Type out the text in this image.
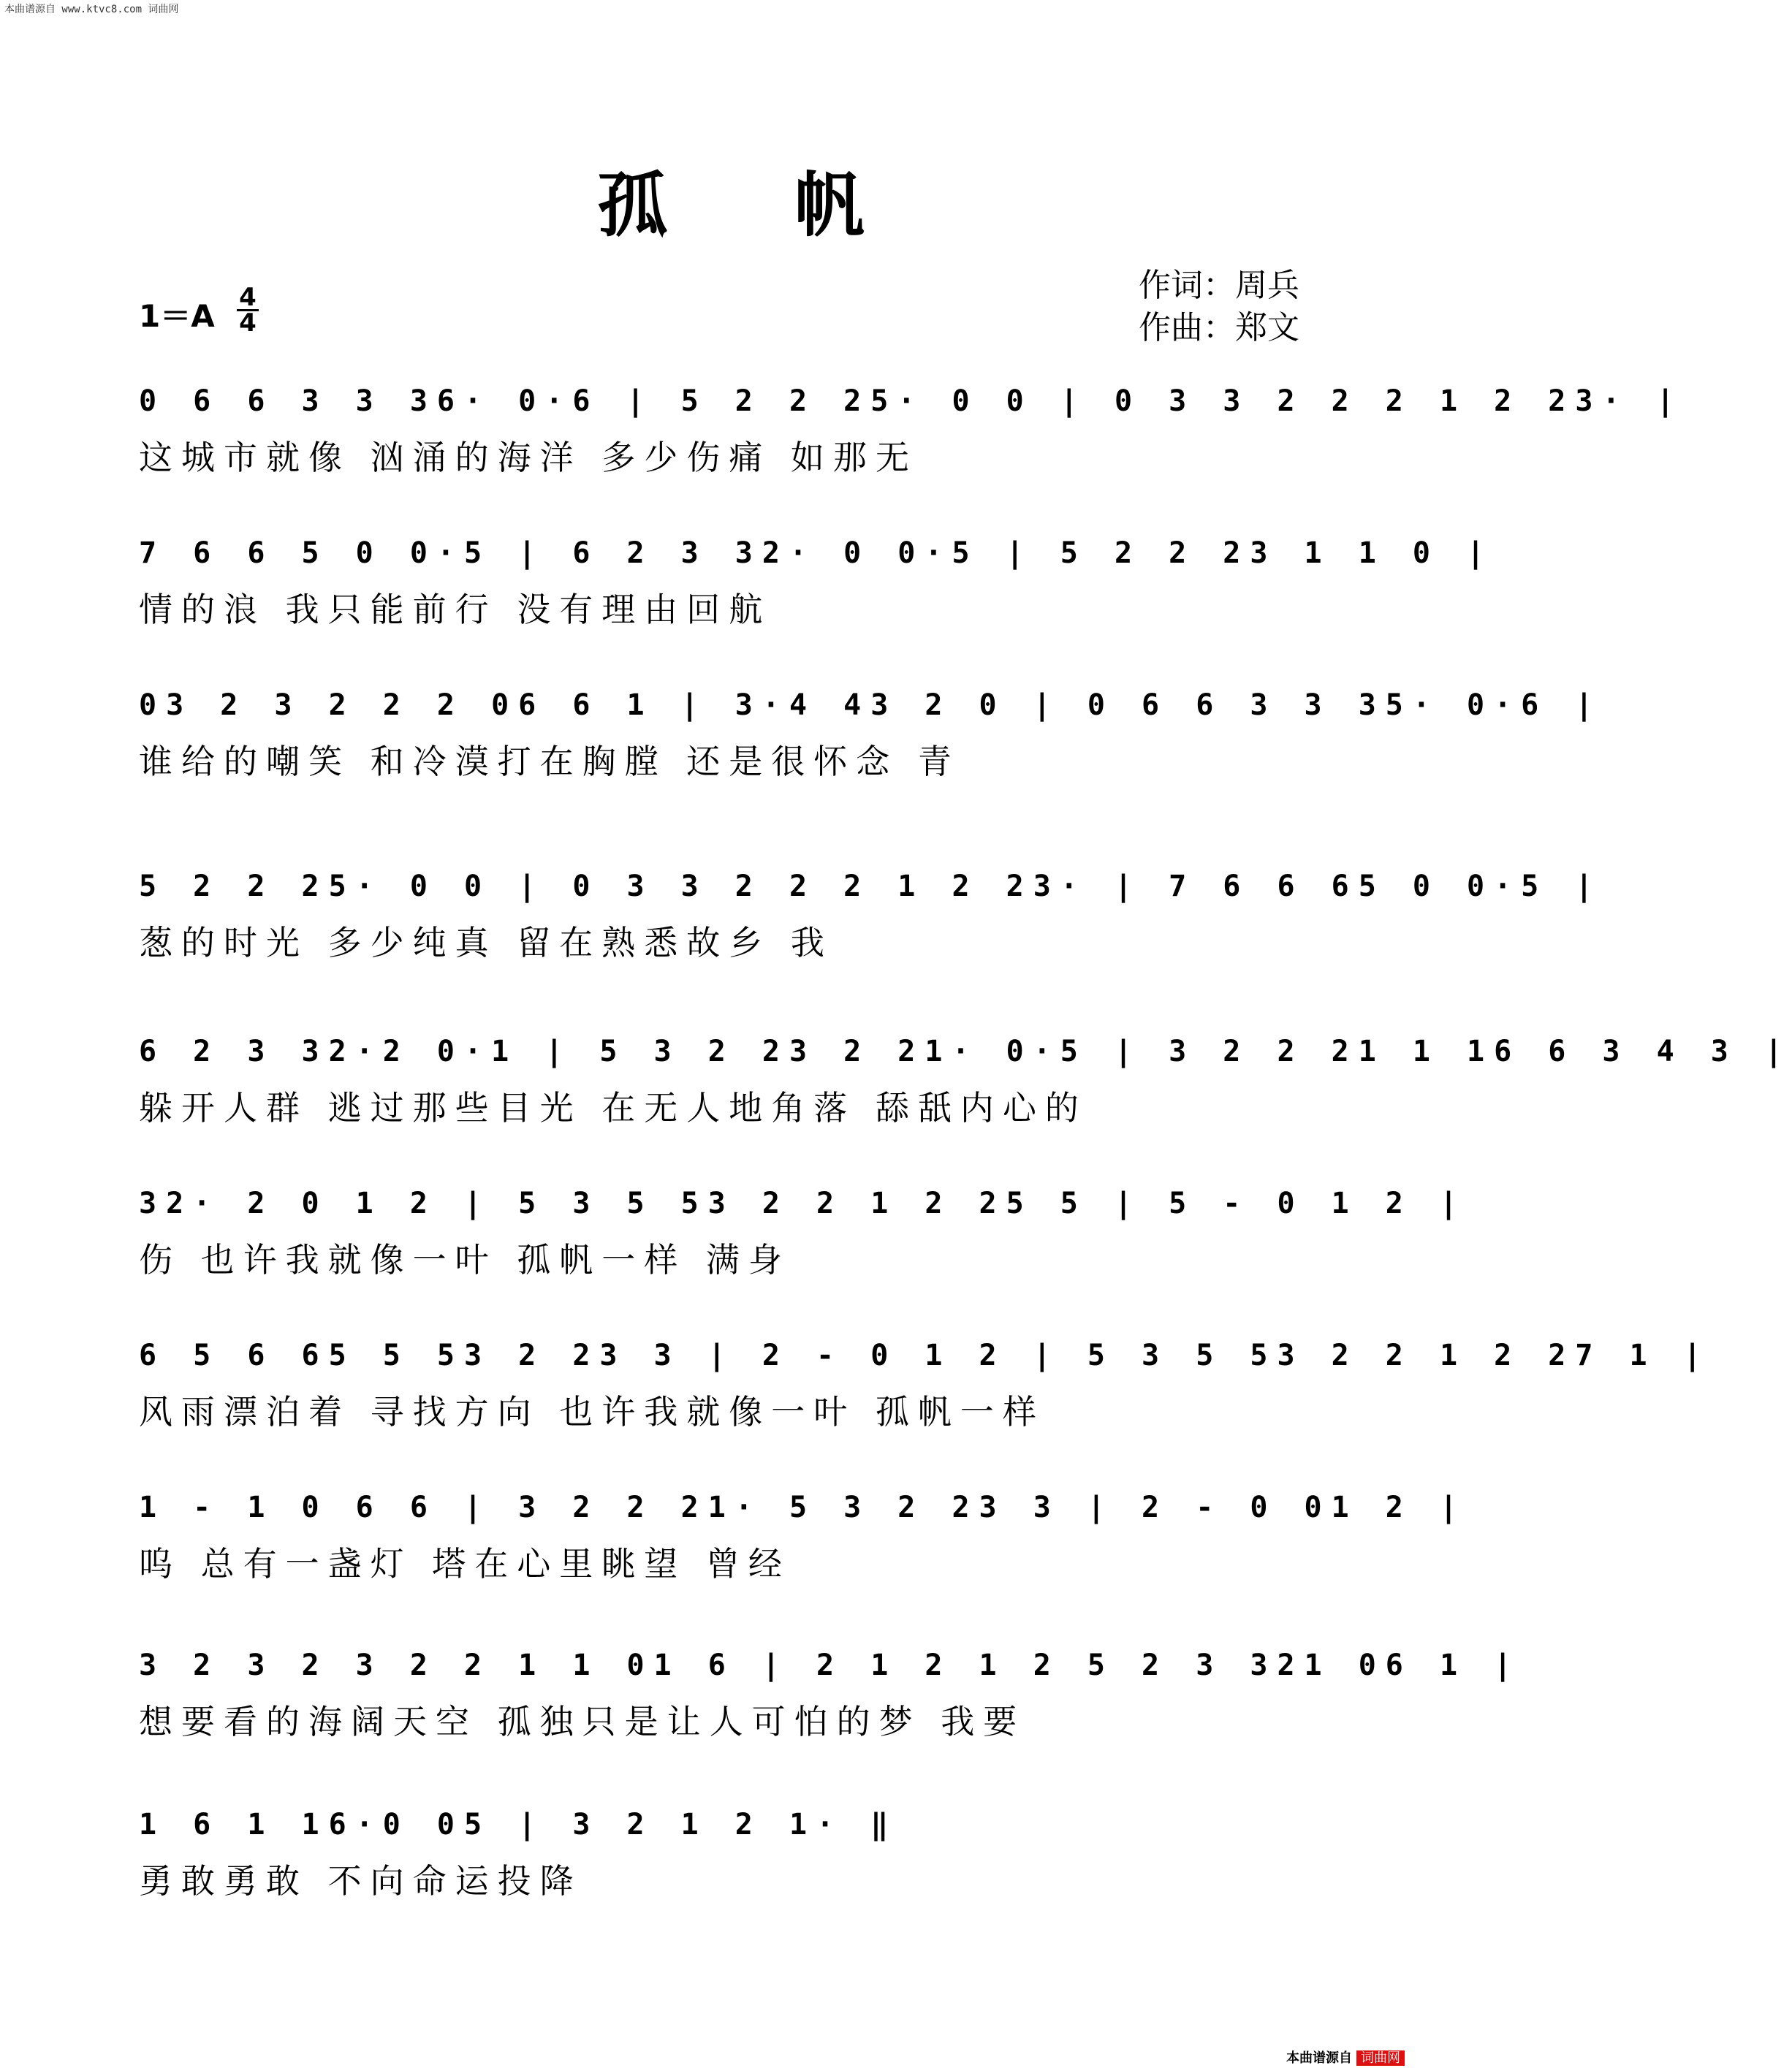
本曲谱源自 www.ktvc8.com 词曲网
孤 帆
作词：周兵
作曲：郑文
1＝A
4
4
0 6 6 3 3 36· 0·6 | 5 2 2 25· 0 0 | 0 3 3 2 2 2 1 2 23· |
这城市就像 汹涌的海洋 多少伤痛 如那无
7 6 6 5 0 0·5 | 6 2 3 32· 0 0·5 | 5 2 2 23 1 1 0 |
情的浪 我只能前行 没有理由回航
03 2 3 2 2 2 06 6 1 | 3·4 43 2 0 | 0 6 6 3 3 35· 0·6 |
谁给的嘲笑 和冷漠打在胸膛 还是很怀念 青
5 2 2 25· 0 0 | 0 3 3 2 2 2 1 2 23· | 7 6 6 65 0 0·5 |
葱的时光 多少纯真 留在熟悉故乡 我
6 2 3 32·2 0·1 | 5 3 2 23 2 21· 0·5 | 3 2 2 21 1 16 6 3 4 3 |
躲开人群 逃过那些目光 在无人地角落 舔舐内心的
32· 2 0 1 2 | 5 3 5 53 2 2 1 2 25 5 | 5 - 0 1 2 |
伤 也许我就像一叶 孤帆一样 满身
6 5 6 65 5 53 2 23 3 | 2 - 0 1 2 | 5 3 5 53 2 2 1 2 27 1 |
风雨漂泊着 寻找方向 也许我就像一叶 孤帆一样
1 - 1 0 6 6 | 3 2 2 21· 5 3 2 23 3 | 2 - 0 01 2 |
呜 总有一盏灯 塔在心里眺望 曾经
3 2 3 2 3 2 2 1 1 01 6 | 2 1 2 1 2 5 2 3 321 06 1 |
想要看的海阔天空 孤独只是让人可怕的梦 我要
1 6 1 16·0 05 | 3 2 1 2 1· ‖
勇敢勇敢 不向命运投降
本曲谱源自 词曲网
